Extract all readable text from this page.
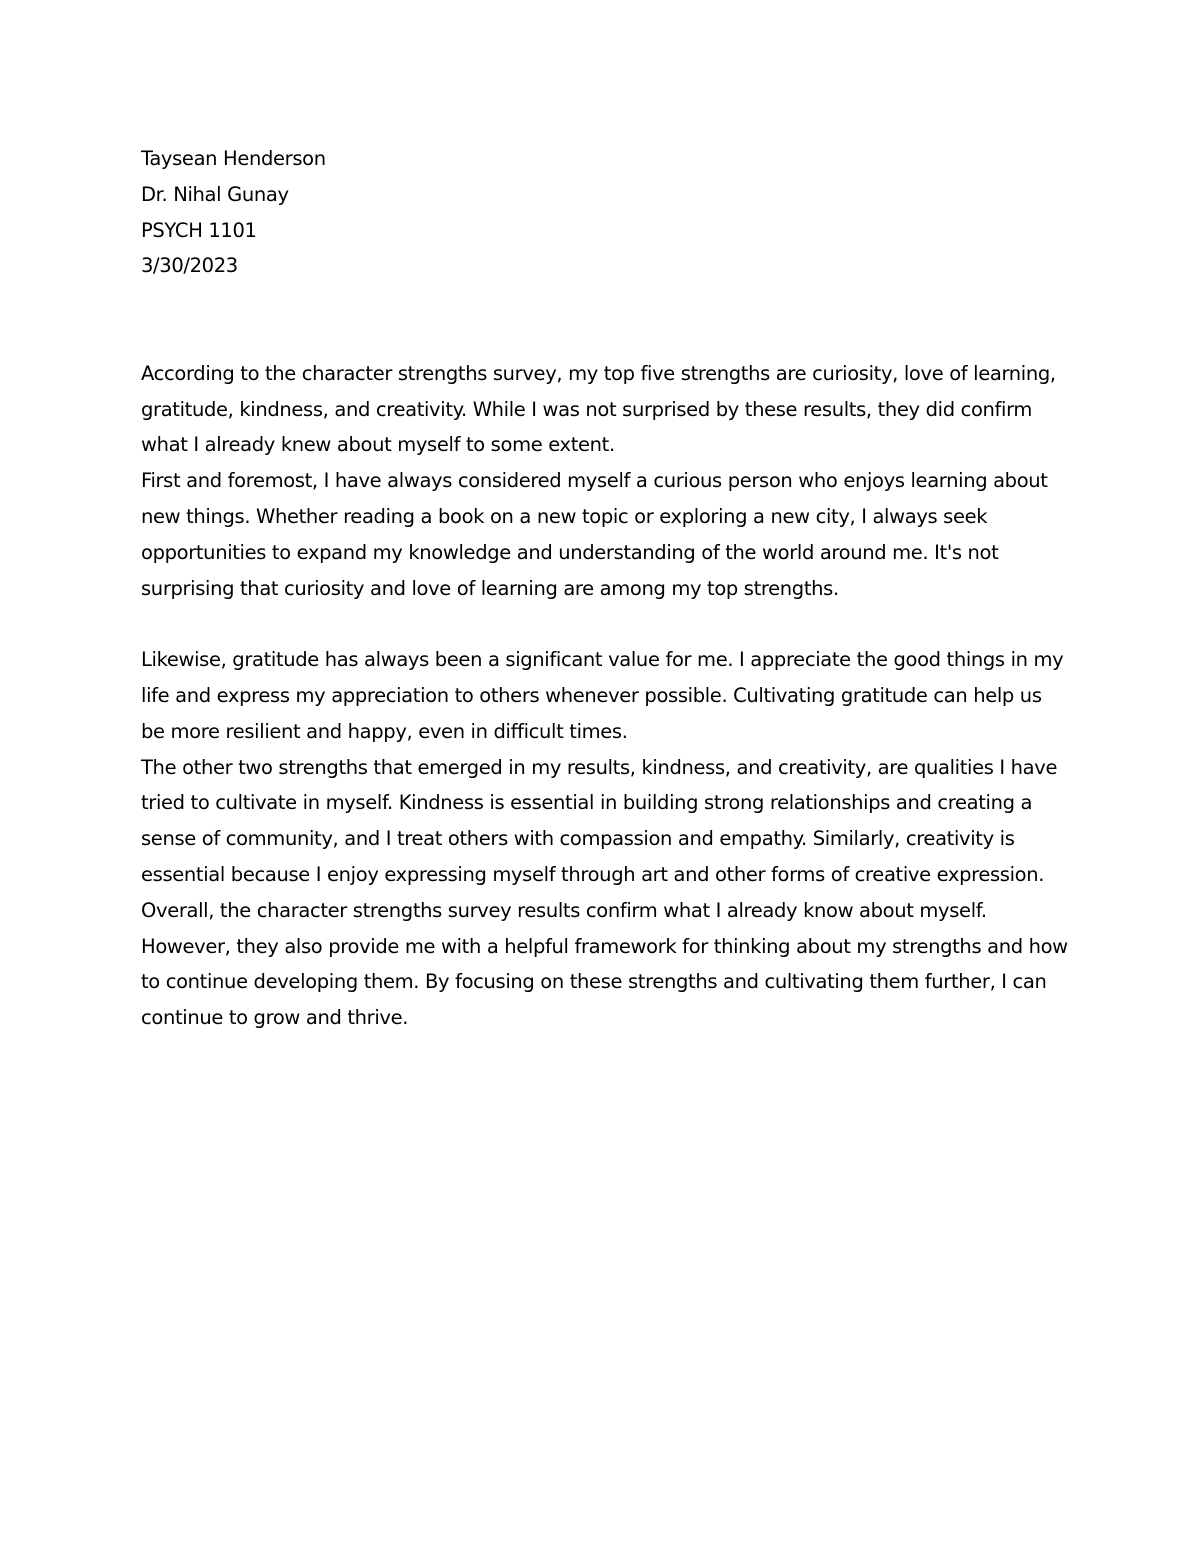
Taysean Henderson

Dr. Nihal Gunay

PSYCH 1101

3/30/2023

According to the character strengths survey, my top five strengths are curiosity, love of learning, gratitude, kindness, and creativity. While I was not surprised by these results, they did confirm what I already knew about myself to some extent.

First and foremost, I have always considered myself a curious person who enjoys learning about new things. Whether reading a book on a new topic or exploring a new city, I always seek opportunities to expand my knowledge and understanding of the world around me. It's not surprising that curiosity and love of learning are among my top strengths.

Likewise, gratitude has always been a significant value for me. I appreciate the good things in my life and express my appreciation to others whenever possible. Cultivating gratitude can help us be more resilient and happy, even in difficult times.

The other two strengths that emerged in my results, kindness, and creativity, are qualities I have tried to cultivate in myself. Kindness is essential in building strong relationships and creating a sense of community, and I treat others with compassion and empathy. Similarly, creativity is essential because I enjoy expressing myself through art and other forms of creative expression.

Overall, the character strengths survey results confirm what I already know about myself. However, they also provide me with a helpful framework for thinking about my strengths and how to continue developing them. By focusing on these strengths and cultivating them further, I can continue to grow and thrive.
